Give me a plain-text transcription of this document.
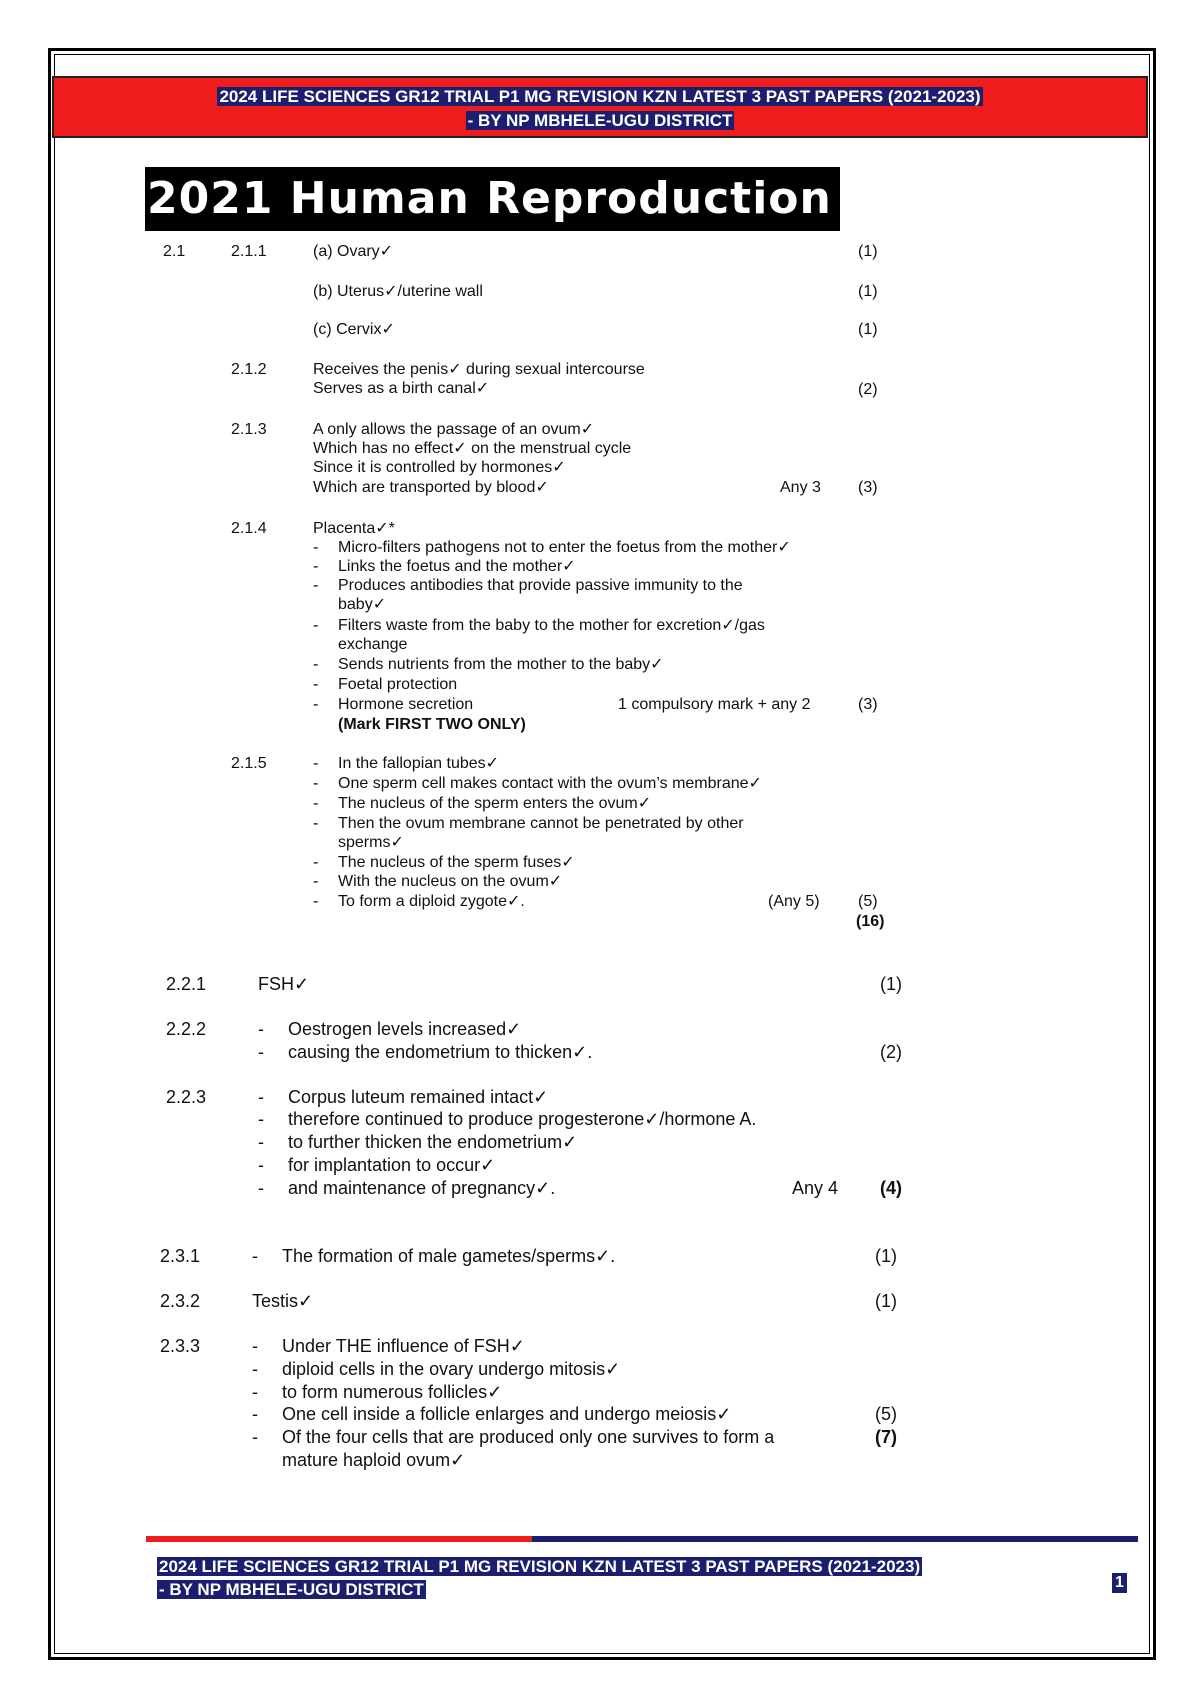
2024 LIFE SCIENCES GR12 TRIAL P1 MG REVISION KZN LATEST 3 PAST PAPERS (2021-2023)
- BY NP MBHELE-UGU DISTRICT
2021 Human Reproduction
2.1	2.1.1	(a) Ovary✓	(1)
(b) Uterus✓/uterine wall	(1)
(c) Cervix✓	(1)
2.1.2	Receives the penis✓ during sexual intercourse
Serves as a birth canal✓	(2)
2.1.3	A only allows the passage of an ovum✓
Which has no effect✓ on the menstrual cycle
Since it is controlled by hormones✓
Which are transported by blood✓	Any 3 (3)
2.1.4	Placenta✓*
- Micro-filters pathogens not to enter the foetus from the mother✓
- Links the foetus and the mother✓
- Produces antibodies that provide passive immunity to the
baby✓
- Filters waste from the baby to the mother for excretion✓/gas
exchange
- Sends nutrients from the mother to the baby✓
- Foetal protection
- Hormone secretion	1 compulsory mark + any 2	(3)
(Mark FIRST TWO ONLY)
2.1.5	- In the fallopian tubes✓
- One sperm cell makes contact with the ovum’s membrane✓
- The nucleus of the sperm enters the ovum✓
- Then the ovum membrane cannot be penetrated by other
sperms✓
- The nucleus of the sperm fuses✓
- With the nucleus on the ovum✓
- To form a diploid zygote✓.	(Any 5) (5)
(16)
2.2.1	FSH✓	(1)
2.2.2	- Oestrogen levels increased✓
- causing the endometrium to thicken✓.	(2)
2.2.3	- Corpus luteum remained intact✓
- therefore continued to produce progesterone✓/hormone A.
- to further thicken the endometrium✓
- for implantation to occur✓
- and maintenance of pregnancy✓.	Any 4 (4)
2.3.1	- The formation of male gametes/sperms✓.	(1)
2.3.2	Testis✓	(1)
2.3.3	- Under THE influence of FSH✓
- diploid cells in the ovary undergo mitosis✓
- to form numerous follicles✓
- One cell inside a follicle enlarges and undergo meiosis✓	(5)
- Of the four cells that are produced only one survives to form a	(7)
mature haploid ovum✓
2024 LIFE SCIENCES GR12 TRIAL P1 MG REVISION KZN LATEST 3 PAST PAPERS (2021-2023)
- BY NP MBHELE-UGU DISTRICT	1
